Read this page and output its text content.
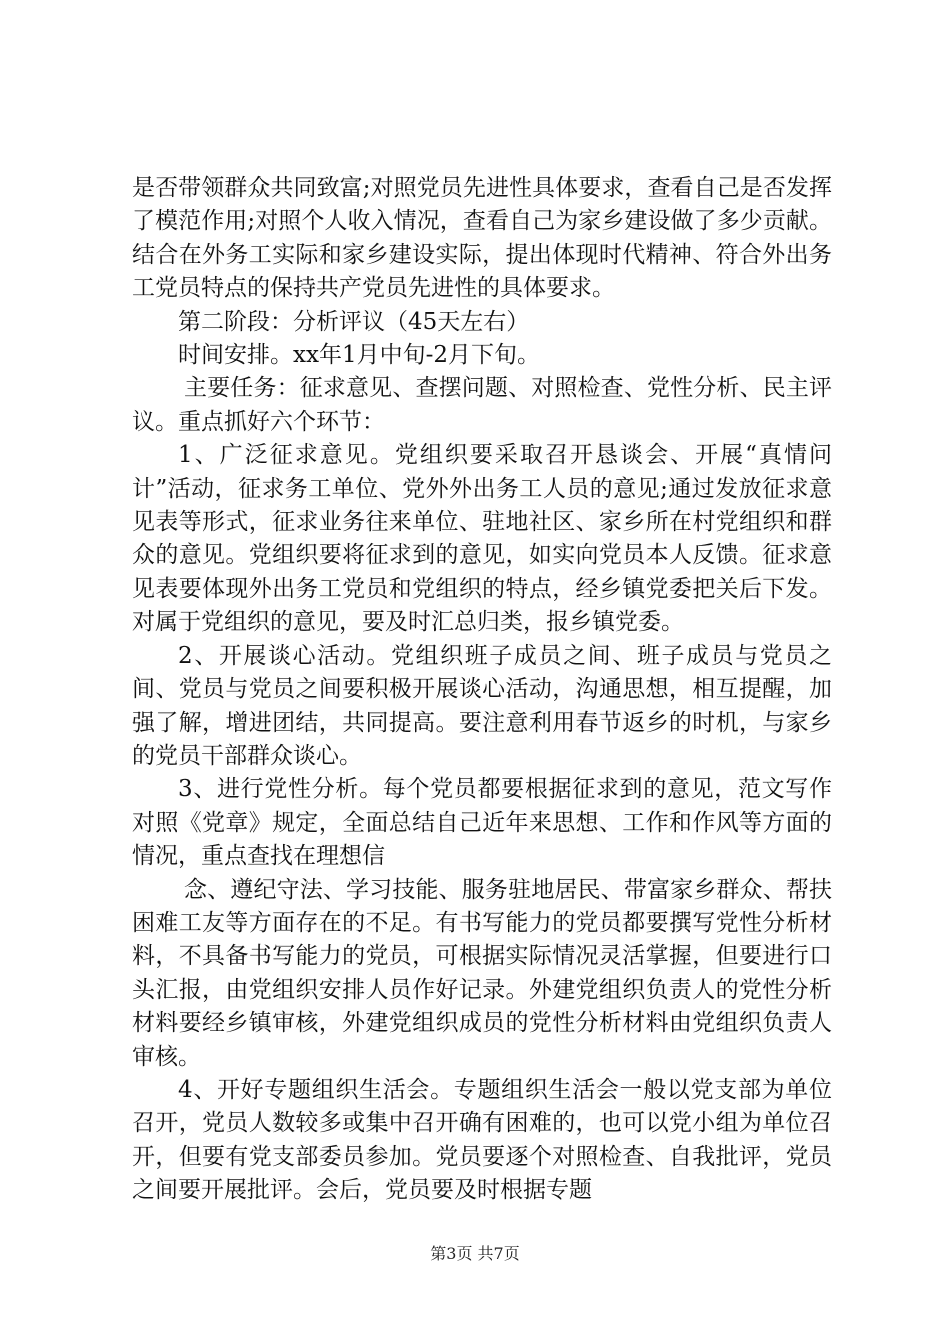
是否带领群众共同致富;对照党员先进性具体要求，查看自己是否发挥了模范作用;对照个人收入情况，查看自己为家乡建设做了多少贡献。结合在外务工实际和家乡建设实际，提出体现时代精神、符合外出务工党员特点的保持共产党员先进性的具体要求。

第二阶段：分析评议（45天左右）

时间安排。xx年1月中旬-2月下旬。

主要任务：征求意见、查摆问题、对照检查、党性分析、民主评议。重点抓好六个环节：

1、广泛征求意见。党组织要采取召开恳谈会、开展“真情问计”活动，征求务工单位、党外外出务工人员的意见;通过发放征求意见表等形式，征求业务往来单位、驻地社区、家乡所在村党组织和群众的意见。党组织要将征求到的意见，如实向党员本人反馈。征求意见表要体现外出务工党员和党组织的特点，经乡镇党委把关后下发。对属于党组织的意见，要及时汇总归类，报乡镇党委。

2、开展谈心活动。党组织班子成员之间、班子成员与党员之间、党员与党员之间要积极开展谈心活动，沟通思想，相互提醒，加强了解，增进团结，共同提高。要注意利用春节返乡的时机，与家乡的党员干部群众谈心。

3、进行党性分析。每个党员都要根据征求到的意见，范文写作对照《党章》规定，全面总结自己近年来思想、工作和作风等方面的情况，重点查找在理想信

念、遵纪守法、学习技能、服务驻地居民、带富家乡群众、帮扶困难工友等方面存在的不足。有书写能力的党员都要撰写党性分析材料，不具备书写能力的党员，可根据实际情况灵活掌握，但要进行口头汇报，由党组织安排人员作好记录。外建党组织负责人的党性分析材料要经乡镇审核，外建党组织成员的党性分析材料由党组织负责人审核。

4、开好专题组织生活会。专题组织生活会一般以党支部为单位召开，党员人数较多或集中召开确有困难的，也可以党小组为单位召开，但要有党支部委员参加。党员要逐个对照检查、自我批评，党员之间要开展批评。会后，党员要及时根据专题

第3页 共7页
